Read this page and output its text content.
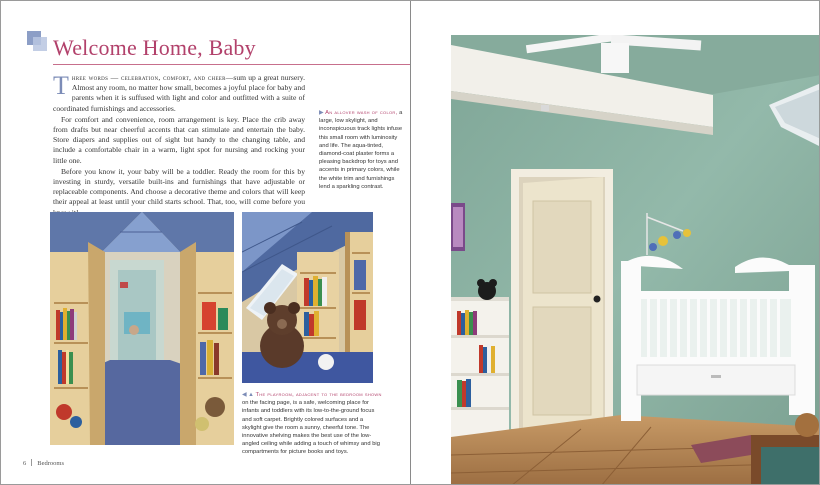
Welcome Home, Baby

Three words — celebration, comfort, and cheer—sum up a great nursery. Almost any room, no matter how small, becomes a joyful place for baby and parents when it is suffused with light and color and outfitted with a suite of coordinated furnishings and accessories.

For comfort and convenience, room arrangement is key. Place the crib away from drafts but near cheerful accents that can stimulate and entertain the baby. Store diapers and supplies out of sight but handy to the changing table, and include a comfortable chair in a warm, light spot for nursing and rocking your little one.

Before you know it, your baby will be a toddler. Ready the room for this by investing in sturdy, versatile built-ins and furnishings that have adjustable or replaceable components. And choose a decorative theme and colors that will keep their appeal at least until your child starts school. That, too, will come before you

▶ An allover wash of color, a large, low skylight, and inconspicuous track lights infuse this small room with luminosity and life. The aqua-tinted, diamond-coat plaster forms a pleasing backdrop for toys and accents in primary colors, while the white trim and furnishings lend a sparkling contrast.
◀ ▲ The playroom, adjacent to the bedroom shown on the facing page, is a safe, welcoming place for infants and toddlers with its low-to-the-ground focus and soft carpet. Brightly colored surfaces and a skylight give the room a sunny, cheerful tone. The innovative shelving makes the best use of the low-angled ceiling while adding a touch of whimsy and big compartments for picture books and toys.
6 Bedrooms
